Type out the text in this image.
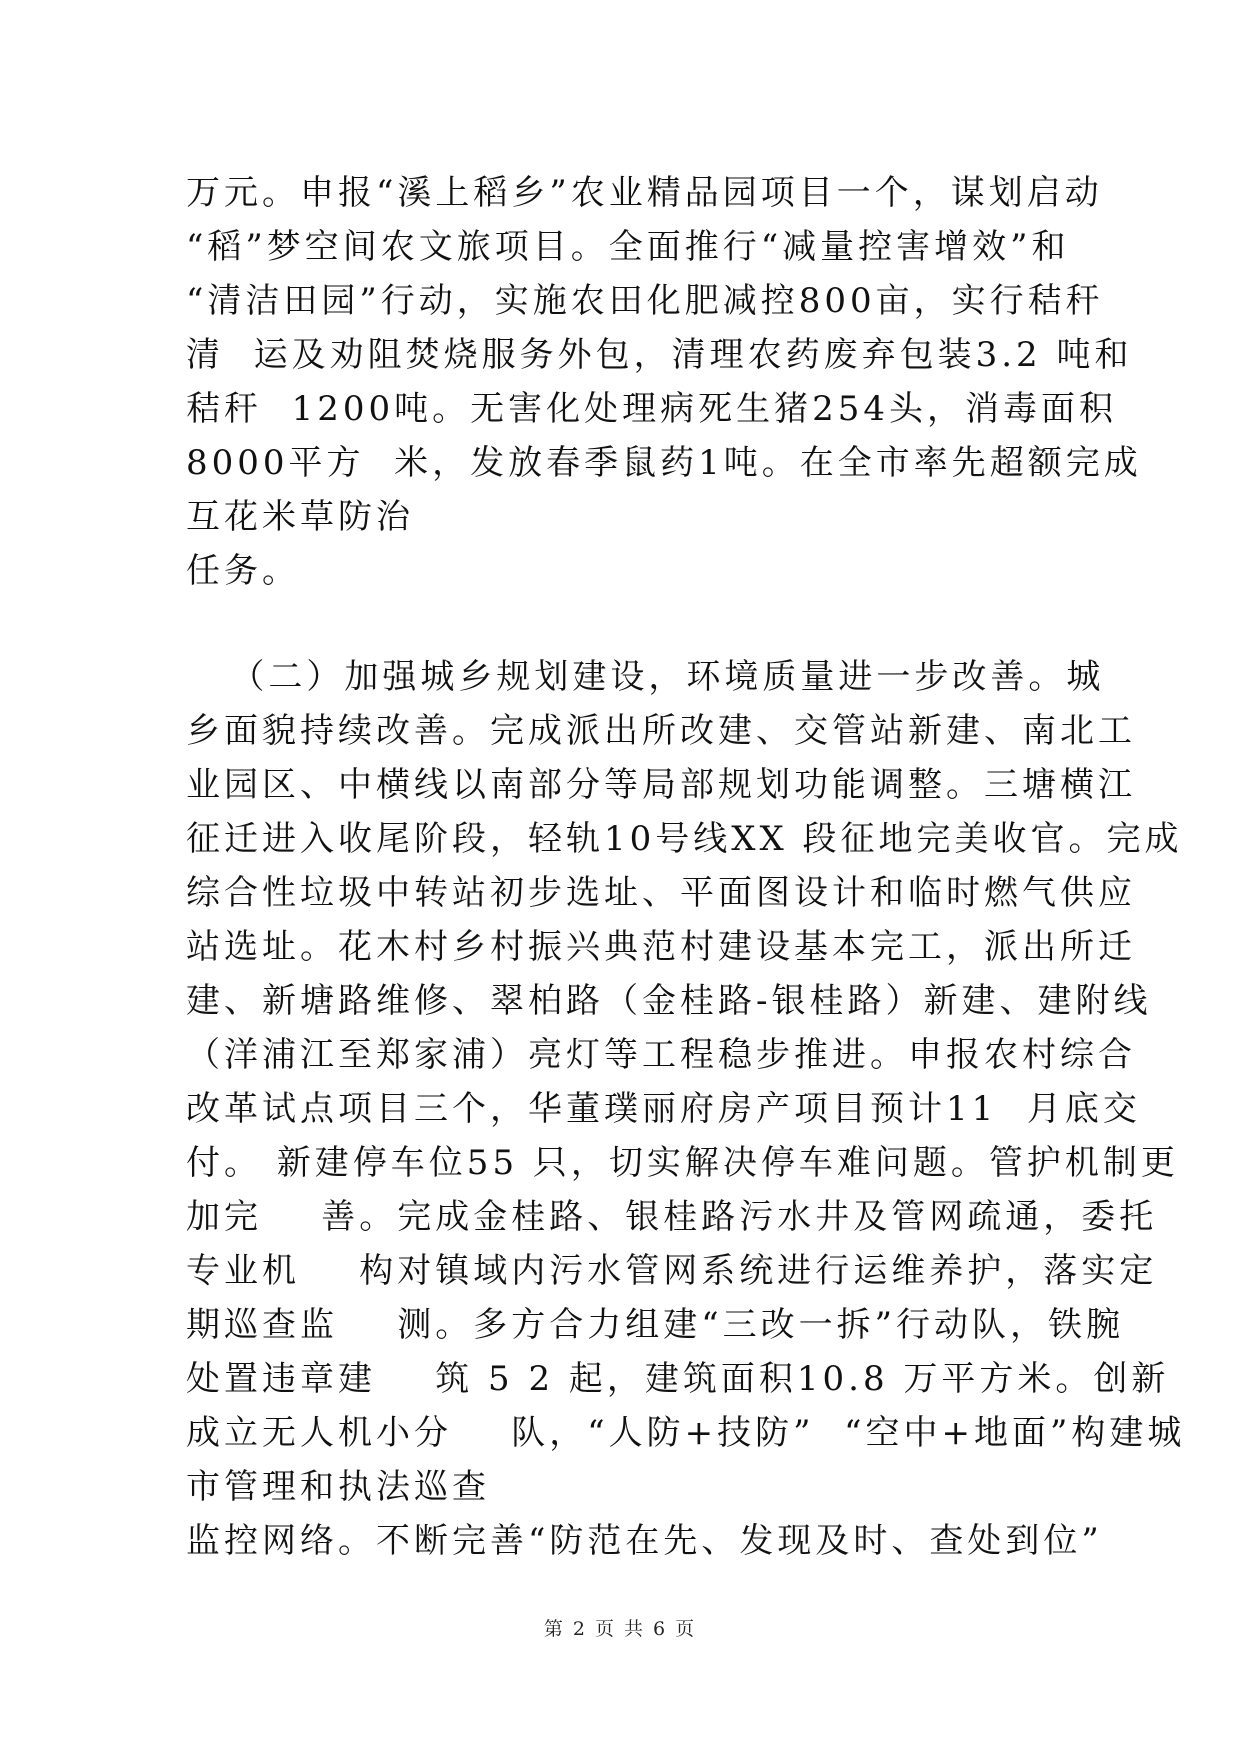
万元。申报“溪上稻乡”农业精品园项目一个，谋划启动
“稻”梦空间农文旅项目。全面推行“减量控害增效”和
“清洁田园”行动，实施农田化肥减控800亩，实行秸秆
清  运及劝阻焚烧服务外包，清理农药废弃包装3.2 吨和
秸秆  1200吨。无害化处理病死生猪254头，消毒面积
8000平方  米，发放春季鼠药1吨。在全市率先超额完成
互花米草防治
任务。
（二）加强城乡规划建设，环境质量进一步改善。城
乡面貌持续改善。完成派出所改建、交管站新建、南北工
业园区、中横线以南部分等局部规划功能调整。三塘横江
征迁进入收尾阶段，轻轨10号线XX 段征地完美收官。完成
综合性垃圾中转站初步选址、平面图设计和临时燃气供应
站选址。花木村乡村振兴典范村建设基本完工，派出所迁
建、新塘路维修、翠柏路（金桂路-银桂路）新建、建附线
（洋浦江至郑家浦）亮灯等工程稳步推进。申报农村综合
改革试点项目三个，华董璞丽府房产项目预计11  月底交
付。 新建停车位55 只，切实解决停车难问题。管护机制更
加完    善。完成金桂路、银桂路污水井及管网疏通，委托
专业机    构对镇域内污水管网系统进行运维养护，落实定
期巡查监    测。多方合力组建“三改一拆”行动队，铁腕
处置违章建    筑 5 2 起，建筑面积10.8 万平方米。创新
成立无人机小分    队，“人防+技防”  “空中+地面”构建城
市管理和执法巡查
监控网络。不断完善“防范在先、发现及时、查处到位”
第 2 页 共 6 页
